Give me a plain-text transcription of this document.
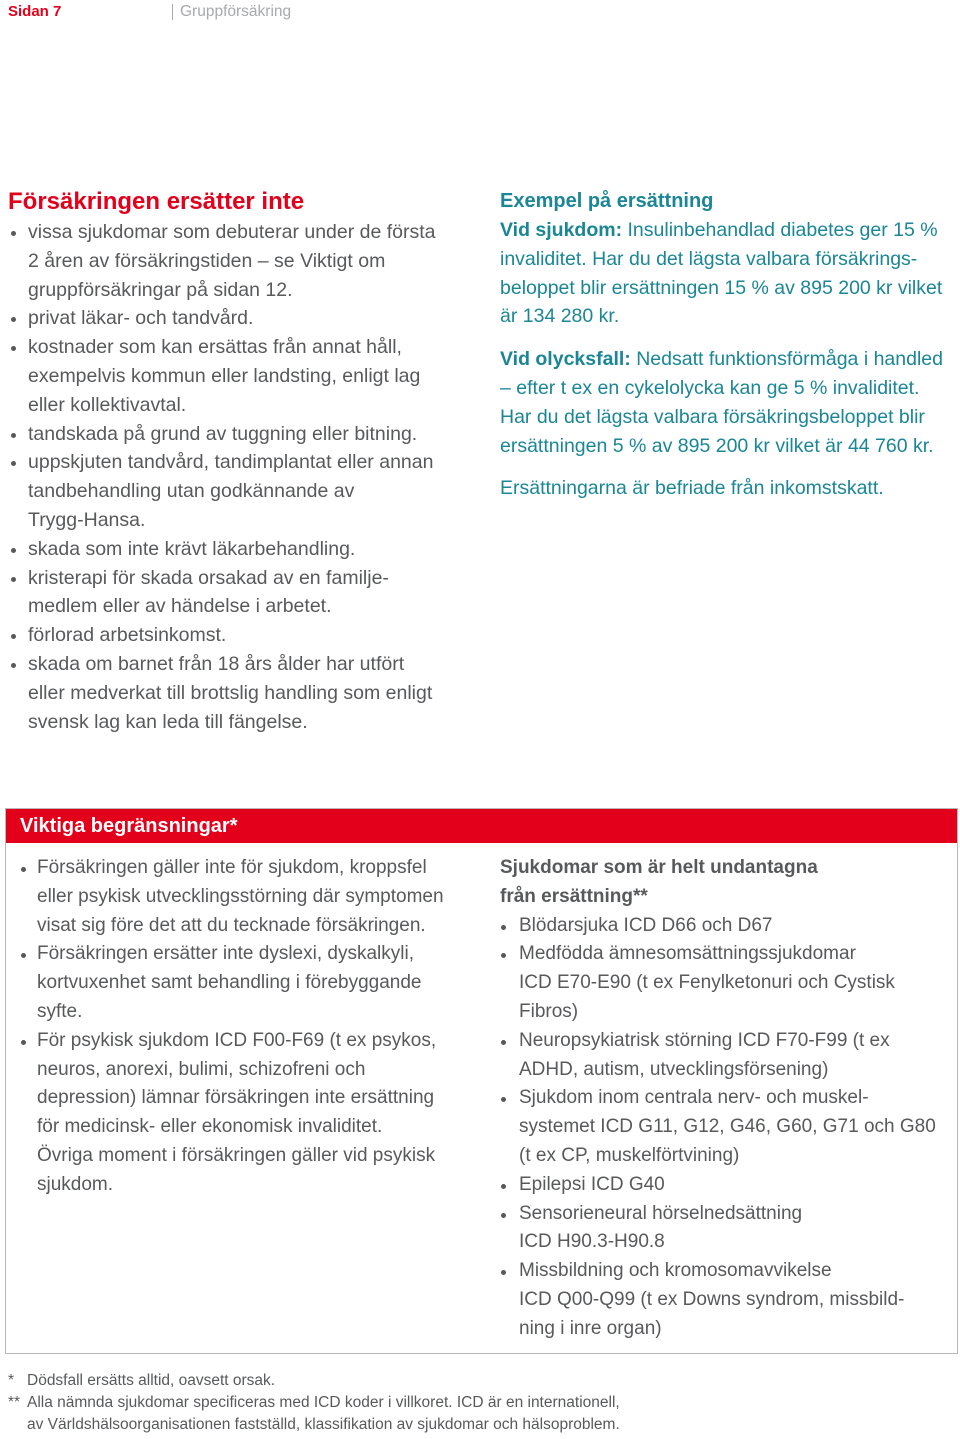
Sidan 7	Gruppförsäkring
Försäkringen ersätter inte
vissa sjukdomar som debuterar under de första
2 åren av försäkringstiden – se Viktigt om
gruppförsäkringar på sidan 12.
privat läkar- och tandvård.
kostnader som kan ersättas från annat håll,
exempelvis kommun eller landsting, enligt lag
eller kollektivavtal.
tandskada på grund av tuggning eller bitning.
uppskjuten tandvård, tandimplantat eller annan
tandbehandling utan godkännande av
Trygg-Hansa.
skada som inte krävt läkarbehandling.
kristerapi för skada orsakad av en familje-
medlem eller av händelse i arbetet.
förlorad arbetsinkomst.
skada om barnet från 18 års ålder har utfört
eller medverkat till brottslig handling som enligt
svensk lag kan leda till fängelse.
Exempel på ersättning

Vid sjukdom: Insulinbehandlad diabetes ger 15 %
invaliditet. Har du det lägsta valbara försäkrings-
beloppet blir ersättningen 15 % av 895 200 kr vilket
är 134 280 kr.

Vid olycksfall: Nedsatt funktionsförmåga i handled
– efter t ex en cykelolycka kan ge 5 % invaliditet.
Har du det lägsta valbara försäkringsbeloppet blir
ersättningen 5 % av 895 200 kr vilket är 44 760 kr.

Ersättningarna är befriade från inkomstskatt.

Viktiga begränsningar*
Försäkringen gäller inte för sjukdom, kroppsfel
eller psykisk utvecklingsstörning där symptomen
visat sig före det att du tecknade försäkringen.
Försäkringen ersätter inte dyslexi, dyskalkyli,
kortvuxenhet samt behandling i förebyggande
syfte.
För psykisk sjukdom ICD F00-F69 (t ex psykos,
neuros, anorexi, bulimi, schizofreni och
depression) lämnar försäkringen inte ersättning
för medicinsk- eller ekonomisk invaliditet.
Övriga moment i försäkringen gäller vid psykisk
sjukdom.
Sjukdomar som är helt undantagna
från ersättning**
Blödarsjuka ICD D66 och D67
Medfödda ämnesomsättningssjukdomar
ICD E70-E90 (t ex Fenylketonuri och Cystisk
Fibros)
Neuropsykiatrisk störning ICD F70-F99 (t ex
ADHD, autism, utvecklingsförsening)
Sjukdom inom centrala nerv- och muskel-
systemet ICD G11, G12, G46, G60, G71 och G80
(t ex CP, muskelförtvining)
Epilepsi ICD G40
Sensorieneural hörselnedsättning
ICD H90.3-H90.8
Missbildning och kromosomavvikelse
ICD Q00-Q99 (t ex Downs syndrom, missbild-
ning i inre organ)
* Dödsfall ersätts alltid, oavsett orsak.
** Alla nämnda sjukdomar specificeras med ICD koder i villkoret. ICD är en internationell,
av Världshälsoorganisationen fastställd, klassifikation av sjukdomar och hälsoproblem.
